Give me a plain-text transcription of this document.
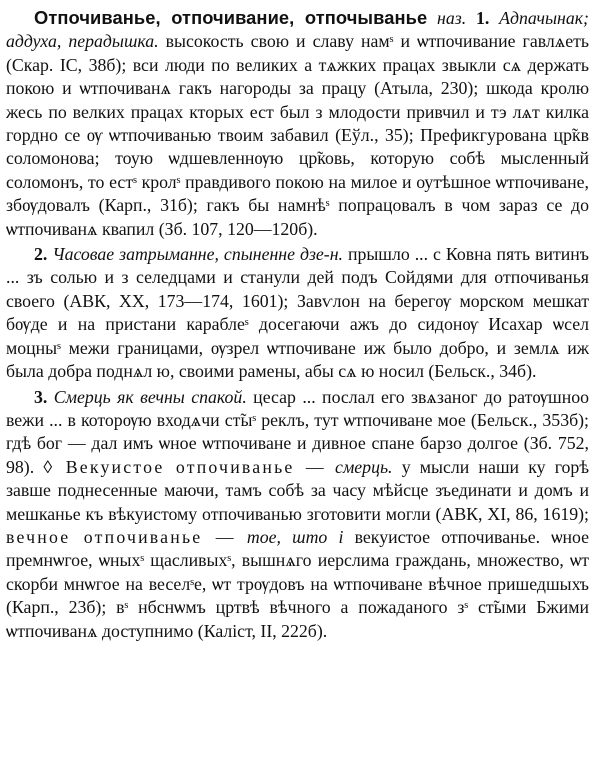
Отпочиванье, отпочивание, отпочыванье наз. 1. Адпачынак; аддуха, перадышка. высокость свою и славу намˢ и ѡтпочивание гавлѧеть (Скар. IC, 38б); вси люди по великих а тѧжких працах звыкли сѧ держать покою и ѡтпочиванѧ гакъ нагороды за працу (Атыла, 230); шкода кролю жесь по велких працах кторых ест был з млодости привчил и тэ лѧт килка гордно се ѹ ѡтпочиванью твоим забавил (Еўл., 35); Префикгурована цр̃кв соломонова; тоую ѡдшевленнѹю цр̃ковь, которую собѣ мысленный соломонъ, то естˢ кролˢ правдивого покою на милое и оутѣшное ѡтпочиване, збѹдовалъ (Карп., 31б); гакъ бы намнѣˢ попрацовалъ в чом зараз се до ѡтпочиванѧ квапил (Зб. 107, 120—120б).

2. Часовае затрыманне, спыненне дзе-н. прышло ... с Ковна пять витинъ ... зъ солью и з селедцами и станули дей подъ Сойдями для отпочиванья своего (АВК, XX, 173—174, 1601); Завѵлон на берегѹ морском мешкат бѹде и на пристани караблеˢ досегаючи ажъ до сидонѹ Исахар ѡсел моцныˢ межи границами, ѹзрел ѡтпочиване иж было добро, и землѧ иж была добра поднѧл ю, своими рамены, абы сѧ ю носил (Бельск., 34б).

3. Смерць як вечны спакой. цесар ... послал его звѧзаног до ратѹшноо вежи ... в которѹю входѧчи ст̃ыˢ реклъ, тут ѡтпочиване мое (Бельск., 353б); гдѣ бог — дал имъ ѡное ѡтпочиване и дивное спане барзо долгое (Зб. 752, 98). ◊ Векуистое отпочиванье — смерць. у мысли наши ку горѣ завше поднесенные маючи, тамъ собѣ за часу мѣйсце зъединати и домъ и мешканье къ вѣкуистому отпочиванью зготовити могли (АВК, XI, 86, 1619); вечное отпочиванье — тое, што і векуистое отпочиванье. ѡное премнѡгое, ѡныхˢ щасливыхˢ, вышнѧго иерслима граждань, множество, ѡт скорби мнѡгое на веселˢе, ѡт трѹдовъ на ѡтпочиване вѣчное пришедшыхъ (Карп., 23б); вˢ нбснѡмъ цртвѣ вѣчного а пожаданого зˢ ст̃ыми Бжими ѡтпочиванѧ доступнимо (Каліст, II, 222б).
